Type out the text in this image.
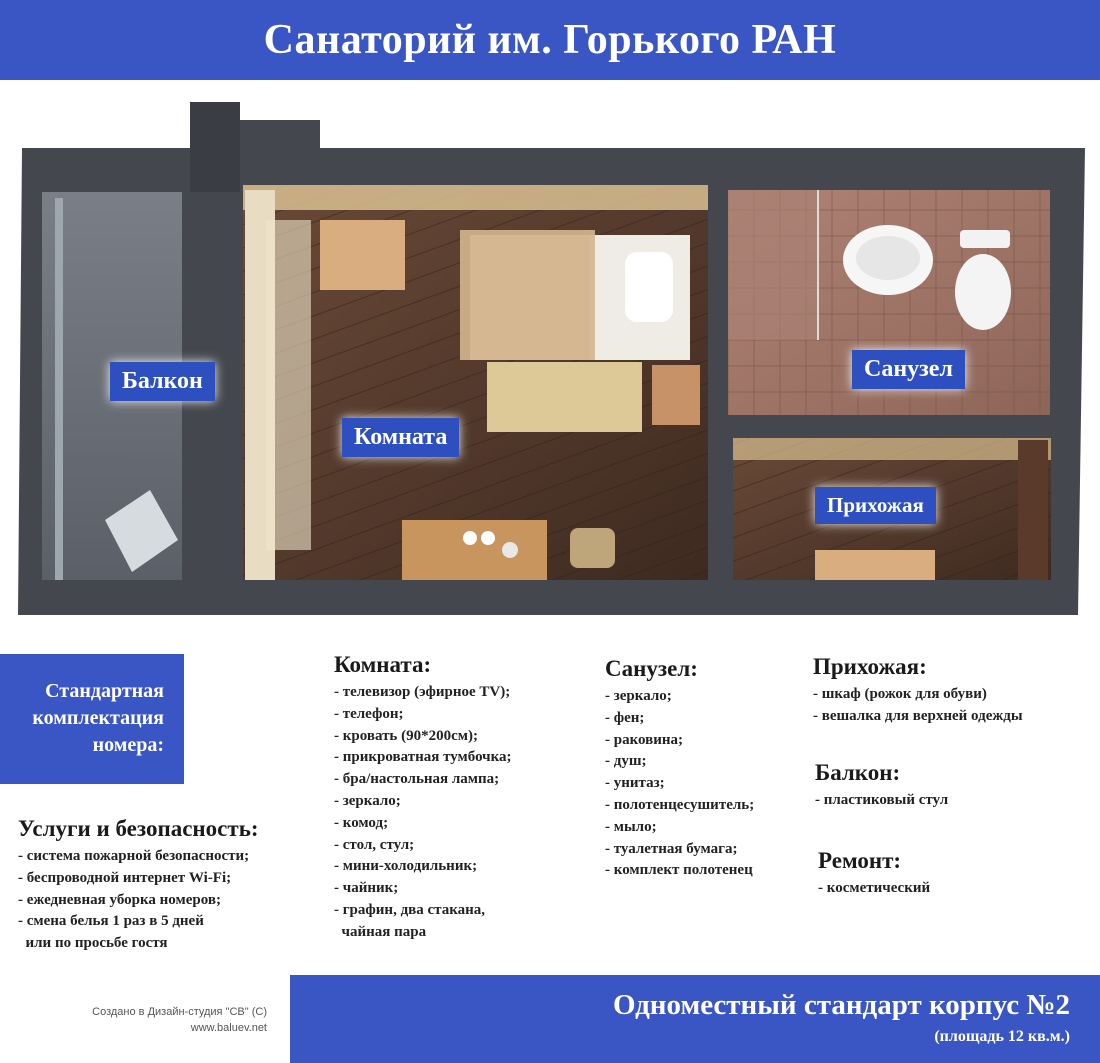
Санаторий им. Горького РАН
Балкон
Комната
Санузел
Прихожая
Стандартная
комплектация
номера:
Комната:
- телевизор (эфирное TV);
- телефон;
- кровать (90*200см);
- прикроватная тумбочка;
- бра/настольная лампа;
- зеркало;
- комод;
- стол, стул;
- мини-холодильник;
- чайник;
- графин, два стакана,
чайная пара
Санузел:
- зеркало;
- фен;
- раковина;
- душ;
- унитаз;
- полотенцесушитель;
- мыло;
- туалетная бумага;
- комплект полотенец
Прихожая:
- шкаф (рожок для обуви)
- вешалка для верхней одежды
Балкон:
- пластиковый стул
Ремонт:
- косметический
Услуги и безопасность:
- система пожарной безопасности;
- беспроводной интернет Wi-Fi;
- ежедневная уборка номеров;
- смена белья 1 раз в 5 дней
или по просьбе гостя
Создано в Дизайн-студия "СВ" (С)
www.baluev.net
Одноместный стандарт корпус №2
(площадь 12 кв.м.)
